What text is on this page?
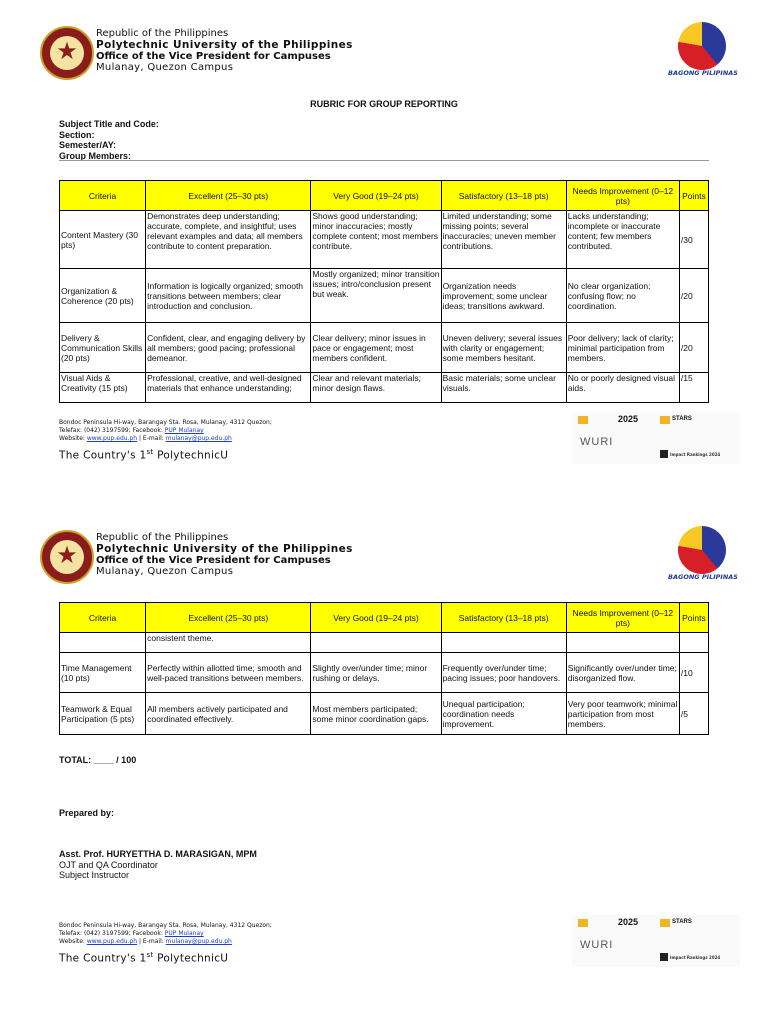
★
Republic of the Philippines
Polytechnic University of the Philippines
Office of the Vice President for Campuses
Mulanay, Quezon Campus	BAGONG PILIPINAS
RUBRIC FOR GROUP REPORTING
Subject Title and Code:
Section:
Semester/AY:
Group Members:
Criteria	Excellent (25–30 pts)	Very Good (19–24 pts)	Satisfactory (13–18 pts)	Needs Improvement (0–12 pts)	Points
Content Mastery (30 pts)	Demonstrates deep understanding; accurate, complete, and insightful; uses relevant examples and data; all members contribute to content preparation.	Shows good understanding; minor inaccuracies; mostly complete content; most members contribute.	Limited understanding; some missing points; several inaccuracies; uneven member contributions.	Lacks understanding; incomplete or inaccurate content; few members contributed.	/30
Organization & Coherence (20 pts)	Information is logically organized; smooth transitions between members; clear introduction and conclusion.	Mostly organized; minor transition issues; intro/conclusion present but weak.	Organization needs improvement; some unclear ideas; transitions awkward.	No clear organization; confusing flow; no coordination.	/20
Delivery & Communication Skills (20 pts)	Confident, clear, and engaging delivery by all members; good pacing; professional demeanor.	Clear delivery; minor issues in pace or engagement; most members confident.	Uneven delivery; several issues with clarity or engagement; some members hesitant.	Poor delivery; lack of clarity; minimal participation from members.	/20
Visual Aids & Creativity (15 pts)	Professional, creative, and well-designed materials that enhance understanding;	Clear and relevant materials; minor design flaws.	Basic materials; some unclear visuals.	No or poorly designed visual aids.	/15
Bondoc Peninsula Hi-way, Barangay Sta. Rosa, Mulanay, 4312 Quezon;
Telefax: (042) 3197599; Facebook: PUP Mulanay
Website: www.pup.edu.ph | E-mail: mulanay@pup.edu.ph
The Country's 1st PolytechnicU
2025	STARS
WURI
Impact Rankings 2024
★
Republic of the Philippines
Polytechnic University of the Philippines
Office of the Vice President for Campuses
Mulanay, Quezon Campus	BAGONG PILIPINAS
Criteria	Excellent (25–30 pts)	Very Good (19–24 pts)	Satisfactory (13–18 pts)	Needs Improvement (0–12 pts)	Points
	consistent theme.				
Time Management (10 pts)	Perfectly within allotted time; smooth and well-paced transitions between members.	Slightly over/under time; minor rushing or delays.	Frequently over/under time; pacing issues; poor handovers.	Significantly over/under time; disorganized flow.	/10
Teamwork & Equal Participation (5 pts)	All members actively participated and coordinated effectively.	Most members participated; some minor coordination gaps.	Unequal participation; coordination needs improvement.	Very poor teamwork; minimal participation from most members.	/5
TOTAL: ____ / 100
Prepared by:
Asst. Prof. HURYETTHA D. MARASIGAN, MPM
OJT and QA Coordinator
Subject Instructor
Bondoc Peninsula Hi-way, Barangay Sta. Rosa, Mulanay, 4312 Quezon;
Telefax: (042) 3197599; Facebook: PUP Mulanay
Website: www.pup.edu.ph | E-mail: mulanay@pup.edu.ph
The Country's 1st PolytechnicU
2025	STARS
WURI
Impact Rankings 2024
